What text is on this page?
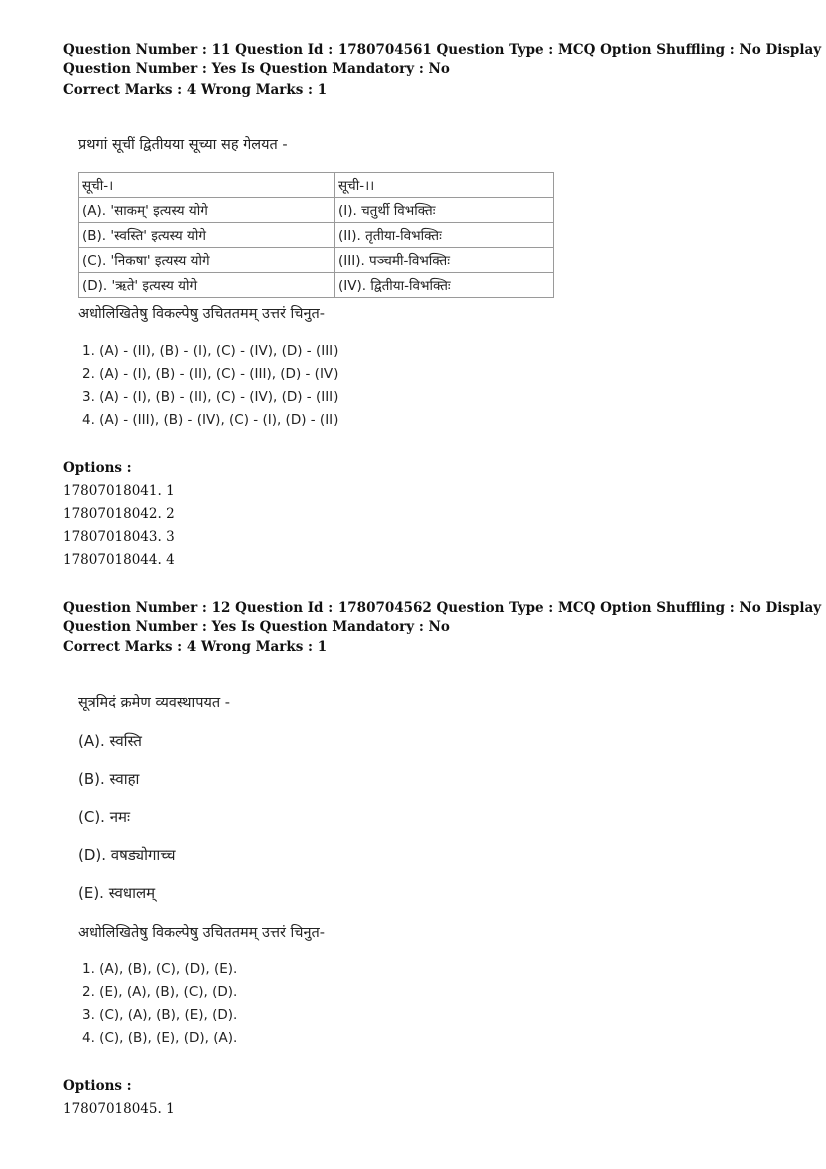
Question Number : 11 Question Id : 1780704561 Question Type : MCQ Option Shuffling : No Display
Question Number : Yes Is Question Mandatory : No
Correct Marks : 4 Wrong Marks : 1
प्रथगां सूचीं द्वितीयया सूच्या सह गेलयत -
सूची-।	सूची-।।
(A). 'साकम्' इत्यस्य योगे	(I). चतुर्थी विभक्तिः
(B). 'स्वस्ति' इत्यस्य योगे	(II). तृतीया-विभक्तिः
(C). 'निकषा' इत्यस्य योगे	(III). पञ्चमी-विभक्तिः
(D). 'ऋते' इत्यस्य योगे	(IV). द्वितीया-विभक्तिः
अधोलिखितेषु विकल्पेषु उचिततमम् उत्तरं चिनुत-
1. (A) - (II), (B) - (I), (C) - (IV), (D) - (III)
2. (A) - (I), (B) - (II), (C) - (III), (D) - (IV)
3. (A) - (I), (B) - (II), (C) - (IV), (D) - (III)
4. (A) - (III), (B) - (IV), (C) - (I), (D) - (II)
Options :
17807018041. 1
17807018042. 2
17807018043. 3
17807018044. 4
Question Number : 12 Question Id : 1780704562 Question Type : MCQ Option Shuffling : No Display
Question Number : Yes Is Question Mandatory : No
Correct Marks : 4 Wrong Marks : 1
सूत्रमिदं क्रमेण व्यवस्थापयत -
(A). स्वस्ति
(B). स्वाहा
(C). नमः
(D). वषड्योगाच्च
(E). स्वधालम्
अधोलिखितेषु विकल्पेषु उचिततमम् उत्तरं चिनुत-
1. (A), (B), (C), (D), (E).
2. (E), (A), (B), (C), (D).
3. (C), (A), (B), (E), (D).
4. (C), (B), (E), (D), (A).
Options :
17807018045. 1
